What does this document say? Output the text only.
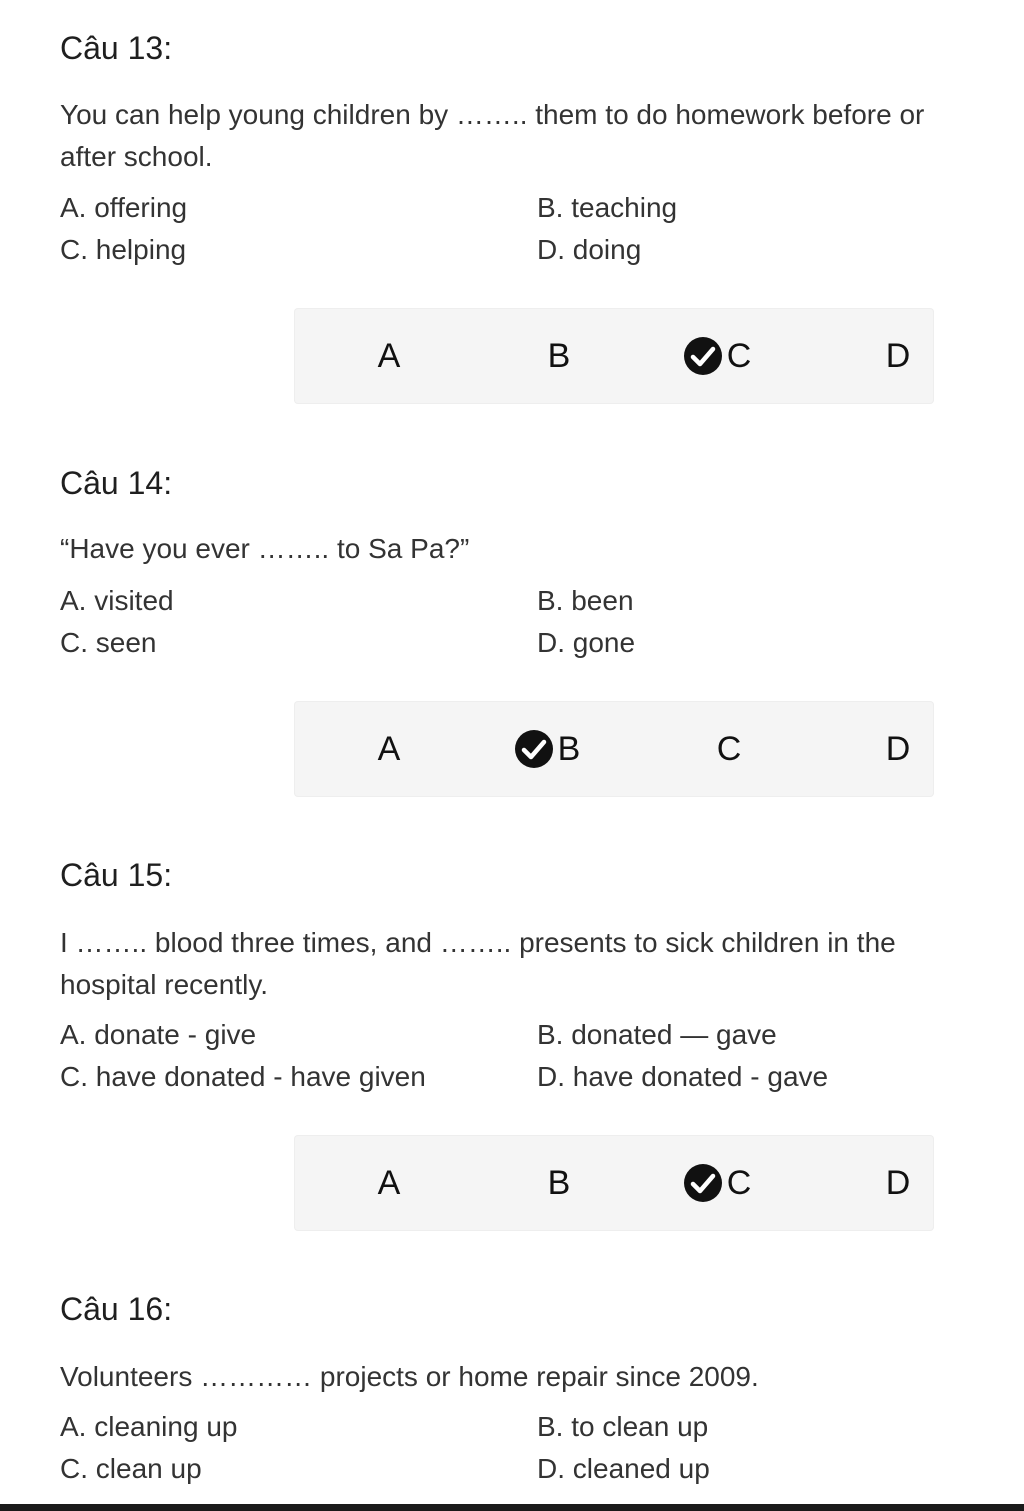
Câu 13:
You can help young children by …….. them to do homework before or after school.
A. offering	B. teaching
C. helping	D. doing
A	B	C	D
Câu 14:
“Have you ever …….. to Sa Pa?”
A. visited	B. been
C. seen	D. gone
A	B	C	D
Câu 15:
I …….. blood three times, and …….. presents to sick children in the hospital recently.
A. donate - give	B. donated — gave
C. have donated - have given	D. have donated - gave
A	B	C	D
Câu 16:
Volunteers ………… projects or home repair since 2009.
A. cleaning up	B. to clean up
C. clean up	D. cleaned up
